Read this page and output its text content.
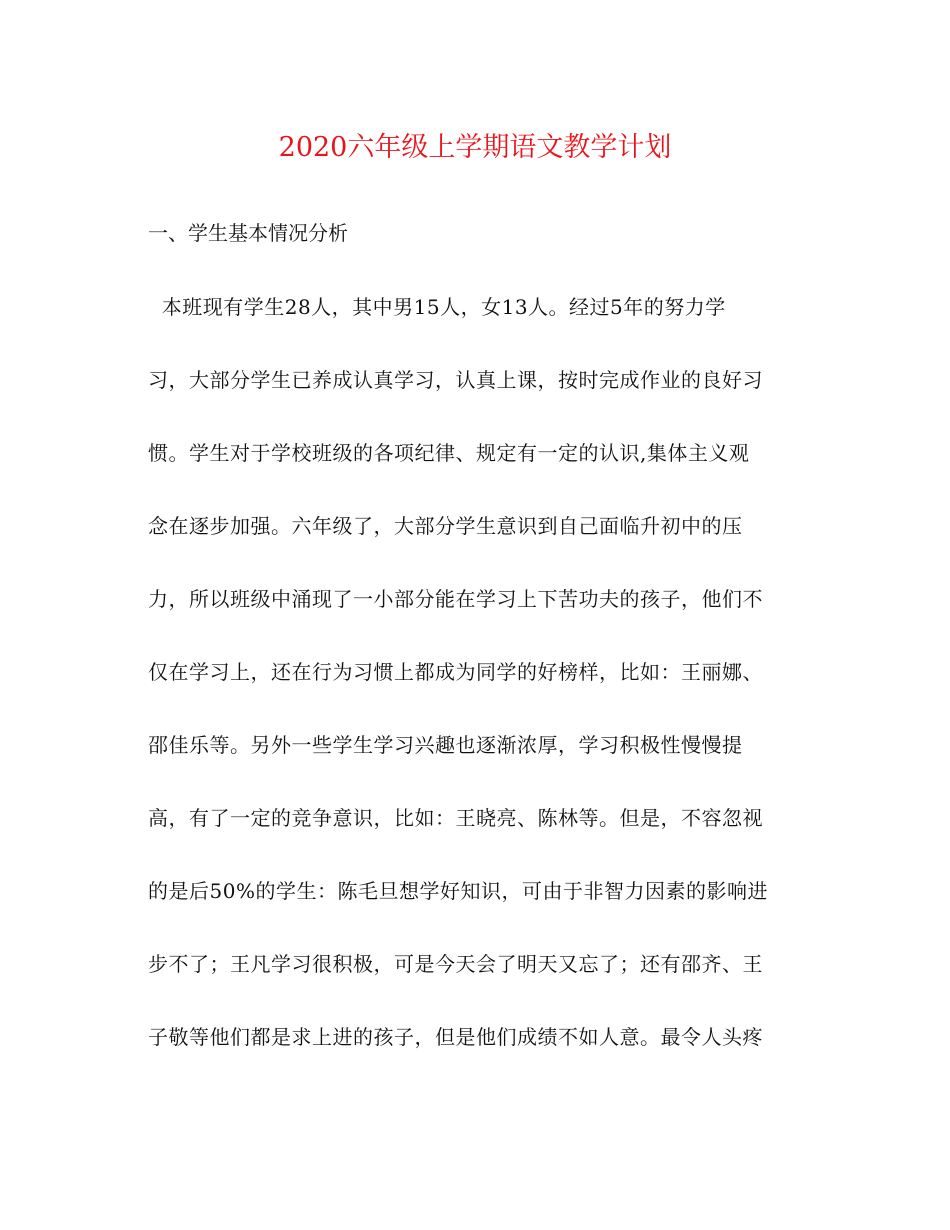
2020六年级上学期语文教学计划
一、学生基本情况分析

本班现有学生28人，其中男15人，女13人。经过5年的努力学

习，大部分学生已养成认真学习，认真上课，按时完成作业的良好习

惯。学生对于学校班级的各项纪律、规定有一定的认识,集体主义观

念在逐步加强。六年级了，大部分学生意识到自己面临升初中的压

力，所以班级中涌现了一小部分能在学习上下苦功夫的孩子，他们不

仅在学习上，还在行为习惯上都成为同学的好榜样，比如：王丽娜、

邵佳乐等。另外一些学生学习兴趣也逐渐浓厚，学习积极性慢慢提

高，有了一定的竞争意识，比如：王晓亮、陈林等。但是，不容忽视

的是后50%的学生：陈毛旦想学好知识，可由于非智力因素的影响进

步不了；王凡学习很积极，可是今天会了明天又忘了；还有邵齐、王

子敬等他们都是求上进的孩子，但是他们成绩不如人意。最令人头疼
